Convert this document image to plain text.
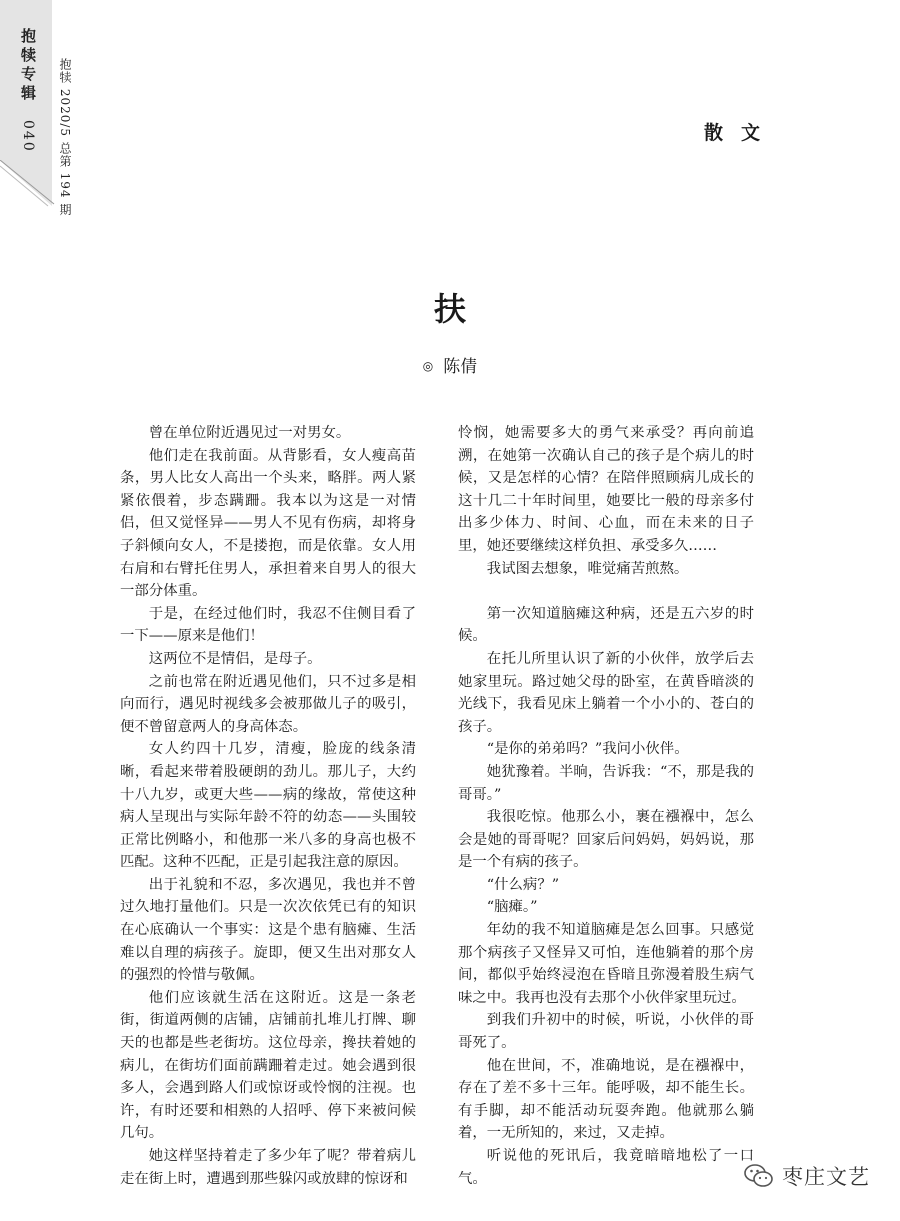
抱犊专辑
040 抱犊 2020/5 总第 194 期	散文
扶
◎ 陈倩

曾在单位附近遇见过一对男女。

他们走在我前面。从背影看，女人瘦高苗条，男人比女人高出一个头来，略胖。两人紧紧依偎着，步态蹒跚。我本以为这是一对情侣，但又觉怪异——男人不见有伤病，却将身子斜倾向女人，不是搂抱，而是依靠。女人用右肩和右臂托住男人，承担着来自男人的很大一部分体重。

于是，在经过他们时，我忍不住侧目看了一下——原来是他们！

这两位不是情侣，是母子。

之前也常在附近遇见他们，只不过多是相向而行，遇见时视线多会被那做儿子的吸引，便不曾留意两人的身高体态。

女人约四十几岁，清瘦，脸庞的线条清晰，看起来带着股硬朗的劲儿。那儿子，大约十八九岁，或更大些——病的缘故，常使这种病人呈现出与实际年龄不符的幼态——头围较正常比例略小，和他那一米八多的身高也极不匹配。这种不匹配，正是引起我注意的原因。

出于礼貌和不忍，多次遇见，我也并不曾过久地打量他们。只是一次次依凭已有的知识在心底确认一个事实：这是个患有脑瘫、生活难以自理的病孩子。旋即，便又生出对那女人的强烈的怜惜与敬佩。

他们应该就生活在这附近。这是一条老街，街道两侧的店铺，店铺前扎堆儿打牌、聊天的也都是些老街坊。这位母亲，搀扶着她的病儿，在街坊们面前蹒跚着走过。她会遇到很多人，会遇到路人们或惊讶或怜悯的注视。也许，有时还要和相熟的人招呼、停下来被问候几句。

她这样坚持着走了多少年了呢？带着病儿走在街上时，遭遇到那些躲闪或放肆的惊讶和

怜悯，她需要多大的勇气来承受？再向前追溯，在她第一次确认自己的孩子是个病儿的时候，又是怎样的心情？在陪伴照顾病儿成长的这十几二十年时间里，她要比一般的母亲多付出多少体力、时间、心血，而在未来的日子里，她还要继续这样负担、承受多久……

我试图去想象，唯觉痛苦煎熬。

第一次知道脑瘫这种病，还是五六岁的时候。

在托儿所里认识了新的小伙伴，放学后去她家里玩。路过她父母的卧室，在黄昏暗淡的光线下，我看见床上躺着一个小小的、苍白的孩子。

“是你的弟弟吗？”我问小伙伴。

她犹豫着。半晌，告诉我：“不，那是我的哥哥。”

我很吃惊。他那么小，裹在襁褓中，怎么会是她的哥哥呢？回家后问妈妈，妈妈说，那是一个有病的孩子。

“什么病？”

“脑瘫。”

年幼的我不知道脑瘫是怎么回事。只感觉那个病孩子又怪异又可怕，连他躺着的那个房间，都似乎始终浸泡在昏暗且弥漫着股生病气味之中。我再也没有去那个小伙伴家里玩过。

到我们升初中的时候，听说，小伙伴的哥哥死了。

他在世间，不，准确地说，是在襁褓中，存在了差不多十三年。能呼吸，却不能生长。有手脚，却不能活动玩耍奔跑。他就那么躺着，一无所知的，来过，又走掉。

听说他的死讯后，我竟暗暗地松了一口气。	枣庄文艺
